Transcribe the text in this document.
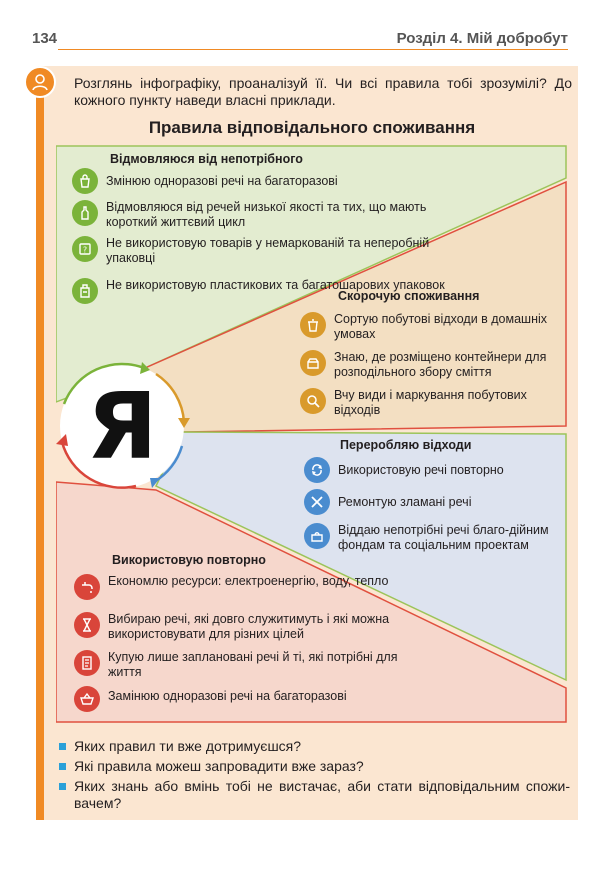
134	Розділ 4. Мій добробут
Розглянь інфографіку, проаналізуй її. Чи всі правила тобі зрозумілі? До кожного пункту наведи власні приклади.
Правила відповідального споживання
Я
Відмовляюся від непотрібного
Змінюю одноразові речі на багаторазові
Відмовляюся від речей низької якості та тих, що мають короткий життєвий цикл
? Не використовую товарів у немаркованій та неперобній упаковці
Не використовую пластикових та багатошарових упаковок
Скорочую споживання
Сортую побутові відходи в домашніх умовах
Знаю, де розміщено контейнери для розподільного збору сміття
Вчу види і маркування побутових відходів
Переробляю відходи
Використовую речі повторно
Ремонтую зламані речі
Віддаю непотрібні речі благо-дійним фондам та соціальним проектам
Використовую повторно
Економлю ресурси: електроенергію, воду, тепло
Вибираю речі, які довго служитимуть і які можна використовувати для різних цілей
Купую лише заплановані речі й ті, які потрібні для життя
Замінюю одноразові речі на багаторазові
Яких правил ти вже дотримуєшся?
Які правила можеш запровадити вже зараз?
Яких знань або вмінь тобі не вистачає, аби стати відповідальним спожи-вачем?
